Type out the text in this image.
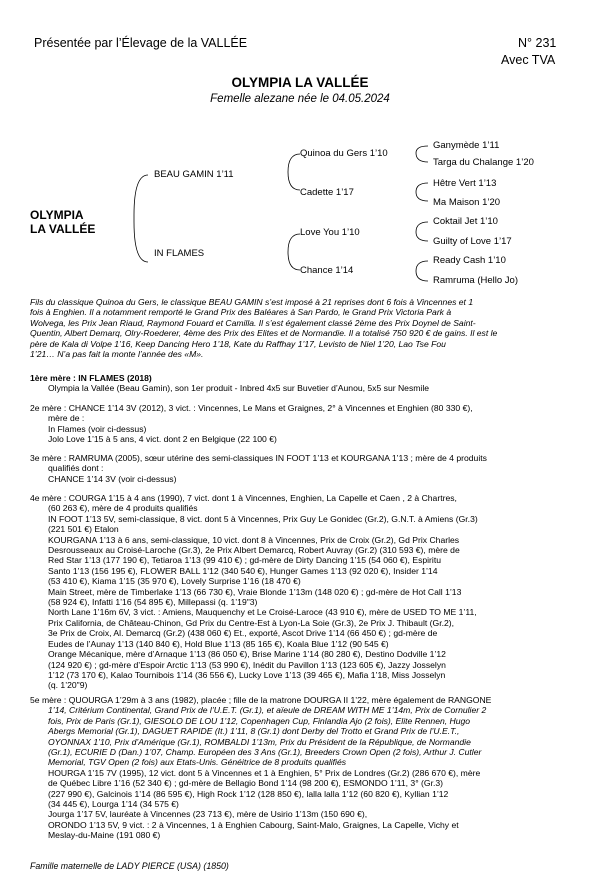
Présentée par l’Élevage de la VALLÉE	N° 231
Avec TVA
OLYMPIA LA VALLÉE
Femelle alezane née le 04.05.2024
OLYMPIA
LA VALLÉE
BEAU GAMIN 1’11
IN FLAMES
Quinoa du Gers 1’10
Cadette 1’17
Love You 1’10
Chance 1’14
Ganymède 1’11
Targa du Chalange 1’20
Hêtre Vert 1’13
Ma Maison 1’20
Coktail Jet 1’10
Guilty of Love 1’17
Ready Cash 1’10
Ramruma (Hello Jo)

Fils du classique Quinoa du Gers, le classique BEAU GAMIN s’est imposé à 21 reprises dont 6 fois à Vincennes et 1

fois à Enghien. Il a notamment remporté le Grand Prix des Baléares à San Pardo, le Grand Prix Victoria Park à

Wolvega, les Prix Jean Riaud, Raymond Fouard et Camilla. Il s’est également classé 2ème des Prix Doynel de Saint-

Quentin, Albert Demarq, Olry-Roederer, 4ème des Prix des Elites et de Normandie. Il a totalisé 750 920 € de gains. Il est le

père de Kala di Volpe 1’16, Keep Dancing Hero 1’18, Kate du Raffhay 1’17, Levisto de Niel 1’20, Lao Tse Fou

1’21… N’a pas fait la monte l’année des «M».

1ère mère : IN FLAMES (2018)

Olympia la Vallée (Beau Gamin), son 1er produit - Inbred 4x5 sur Buvetier d’Aunou, 5x5 sur Nesmile

2e mère : CHANCE 1’14 3V (2012), 3 vict. : Vincennes, Le Mans et Graignes, 2° à Vincennes et Enghien (80 330 €),

mère de :

In Flames (voir ci-dessus)

Jolo Love 1’15 à 5 ans, 4 vict. dont 2 en Belgique (22 100 €)

3e mère : RAMRUMA (2005), sœur utérine des semi-classiques IN FOOT 1’13 et KOURGANA 1’13 ; mère de 4 produits

qualifiés dont :

CHANCE 1’14 3V (voir ci-dessus)

4e mère : COURGA 1’15 à 4 ans (1990), 7 vict. dont 1 à Vincennes, Enghien, La Capelle et Caen , 2 à Chartres,

(60 263 €), mère de 4 produits qualifiés

IN FOOT 1’13 5V, semi-classique, 8 vict. dont 5 à Vincennes, Prix Guy Le Gonidec (Gr.2), G.N.T. à Amiens (Gr.3)

(221 501 €) Etalon

KOURGANA 1’13 à 6 ans, semi-classique, 10 vict. dont 8 à Vincennes, Prix de Croix (Gr.2), Gd Prix Charles

Desrousseaux au Croisé-Laroche (Gr.3), 2e Prix Albert Demarcq, Robert Auvray (Gr.2) (310 593 €), mère de

Red Star 1’13 (177 190 €), Tetiaroa 1’13 (99 410 €) ; gd-mère de Dirty Dancing 1’15 (54 060 €), Espiritu

Santo 1’13 (156 195 €), FLOWER BALL 1’12 (340 540 €), Hunger Games 1’13 (92 020 €), Insider 1’14

(53 410 €), Kiama 1’15 (35 970 €), Lovely Surprise 1’16 (18 470 €)

Main Street, mère de Timberlake 1’13 (66 730 €), Vraie Blonde 1’13m (148 020 €) ; gd-mère de Hot Call 1’13

(58 924 €), Infatti 1’16 (54 895 €), Millepassi (q. 1’19"3)

North Lane 1’16m 6V, 3 vict. : Amiens, Mauquenchy et Le Croisé-Laroce (43 910 €), mère de USED TO ME 1’11,

Prix California, de Château-Chinon, Gd Prix du Centre-Est à Lyon-La Soie (Gr.3), 2e Prix J. Thibault (Gr.2),

3e Prix de Croix, Al. Demarcq (Gr.2) (438 060 €) Et., exporté, Ascot Drive 1’14 (66 450 €) ; gd-mère de

Eudes de l’Aunay 1’13 (140 840 €), Hold Blue 1’13 (85 165 €), Koala Blue 1’12 (90 545 €)

Orange Mécanique, mère d’Arnaque 1’13 (86 050 €), Brise Marine 1’14 (80 280 €), Destino Dodville 1’12

(124 920 €) ; gd-mère d’Espoir Arctic 1’13 (53 990 €), Inédit du Pavillon 1’13 (123 605 €), Jazzy Josselyn

1’12 (73 170 €), Kalao Tournibois 1’14 (36 556 €), Lucky Love 1’13 (39 465 €), Mafia 1’18, Miss Josselyn

(q. 1’20"9)

5e mère : QUOURGA 1’29m à 3 ans (1982), placée ; fille de la matrone DOURGA II 1’22, mère également de RANGONE

1’14, Critérium Continental, Grand Prix de l’U.E.T. (Gr.1), et aïeule de DREAM WITH ME 1’14m, Prix de Cornulier 2

fois, Prix de Paris (Gr.1), GIESOLO DE LOU 1’12, Copenhagen Cup, Finlandia Ajo (2 fois), Elite Rennen, Hugo

Abergs Memorial (Gr.1), DAGUET RAPIDE (It.) 1’11, 8 (Gr.1) dont Derby del Trotto et Grand Prix de l’U.E.T.,

OYONNAX 1’10, Prix d’Amérique (Gr.1), ROMBALDI 1’13m, Prix du Président de la République, de Normandie

(Gr.1), ECURIE D (Dan.) 1’07, Champ. Européen des 3 Ans (Gr.1), Breeders Crown Open (2 fois), Arthur J. Cutler

Memorial, TGV Open (2 fois) aux Etats-Unis. Généitrice de 8 produits qualifiés

HOURGA 1’15 7V (1995), 12 vict. dont 5 à Vincennes et 1 à Enghien, 5° Prix de Londres (Gr.2) (286 670 €), mère

de Québec Libre 1’16 (52 340 €) ; gd-mère de Bellagio Bond 1’14 (98 200 €), ESMONDO 1’11, 3° (Gr.3)

(227 990 €), Galcinois 1’14 (86 595 €), High Rock 1’12 (128 850 €), lalla lalla 1’12 (60 820 €), Kyllian 1’12

(34 445 €), Lourga 1’14 (34 575 €)

Jourga 1’17 5V, lauréate à Vincennes (23 713 €), mère de Usirio 1’13m (150 690 €),

ORONDO 1’13 5V, 9 vict. : 2 à Vincennes, 1 à Enghien Cabourg, Saint-Malo, Graignes, La Capelle, Vichy et

Meslay-du-Maine (191 080 €)

Famille maternelle de LADY PIERCE (USA) (1850)
